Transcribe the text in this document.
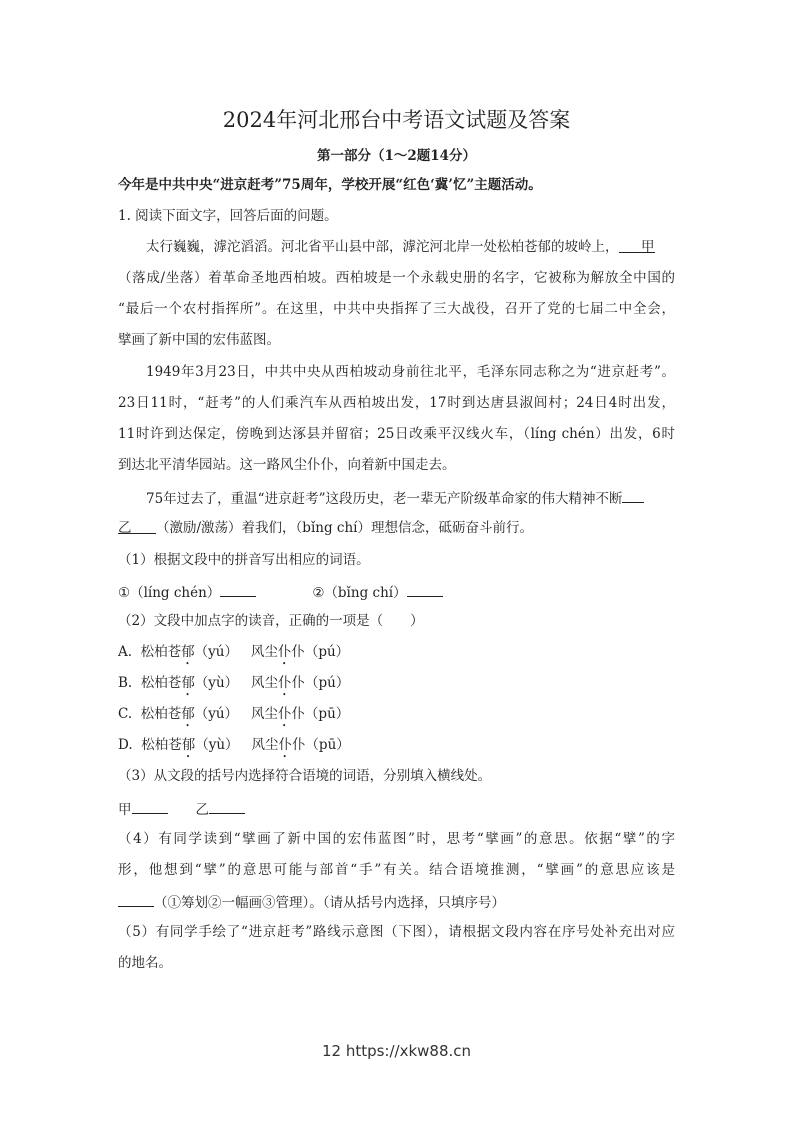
2024年河北邢台中考语文试题及答案
第一部分（1～2题14分）
今年是中共中央“进京赶考”75周年，学校开展“红色‘冀’忆”主题活动。
1. 阅读下面文字，回答后面的问题。
太行巍巍，滹沱滔滔。河北省平山县中部，滹沱河北岸一处松柏苍郁的坡岭上， 甲
（落成/坐落）着革命圣地西柏坡。西柏坡是一个永载史册的名字，它被称为解放全中国的
“最后一个农村指挥所”。在这里，中共中央指挥了三大战役，召开了党的七届二中全会，
擘画了新中国的宏伟蓝图。
1949年3月23日，中共中央从西柏坡动身前往北平，毛泽东同志称之为“进京赶考”。
23日11时，“赶考”的人们乘汽车从西柏坡出发，17时到达唐县淑闾村；24日4时出发，
11时许到达保定，傍晚到达涿县并留宿；25日改乘平汉线火车，（líng chén）出发，6时
到达北平清华园站。这一路风尘仆仆，向着新中国走去。
75年过去了，重温“进京赶考”这段历史，老一辈无产阶级革命家的伟大精神不断
乙 （激励/激荡）着我们，（bǐng chí）理想信念，砥砺奋斗前行。
（1）根据文段中的拼音写出相应的词语。
①（líng chén）	②（bǐng chí）
（2）文段中加点字的读音，正确的一项是（　　）
A. 松柏苍郁（yú） 风尘仆仆（pú）
B. 松柏苍郁（yù） 风尘仆仆（pú）
C. 松柏苍郁（yú） 风尘仆仆（pū）
D. 松柏苍郁（yù） 风尘仆仆（pū）
（3）从文段的括号内选择符合语境的词语，分别填入横线处。
甲	乙
（4）有同学读到“擘画了新中国的宏伟蓝图”时，思考“擘画”的意思。依据“擘”的字
形，他想到“擘”的意思可能与部首“手”有关。结合语境推测，“擘画”的意思应该是
（①筹划②一幅画③管理）。（请从括号内选择，只填序号）
（5）有同学手绘了“进京赶考”路线示意图（下图），请根据文段内容在序号处补充出对应
的地名。
12 https://xkw88.cn
